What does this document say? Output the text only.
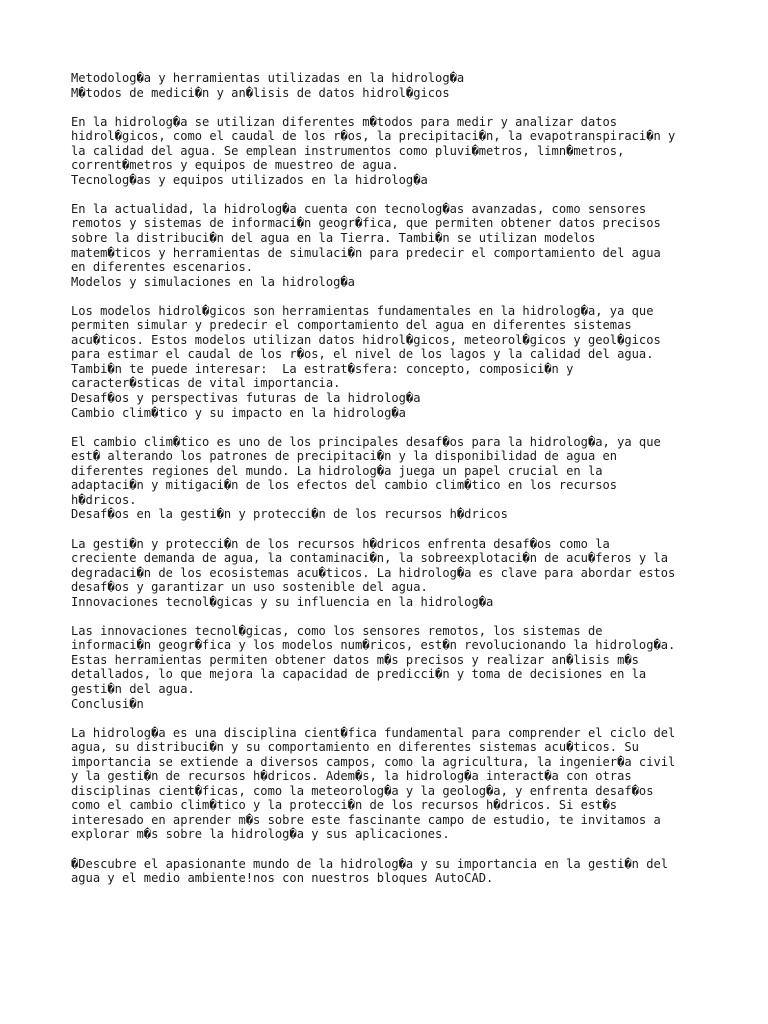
Metodolog�a y herramientas utilizadas en la hidrolog�a
M�todos de medici�n y an�lisis de datos hidrol�gicos
En la hidrolog�a se utilizan diferentes m�todos para medir y analizar datos
hidrol�gicos, como el caudal de los r�os, la precipitaci�n, la evapotranspiraci�n y
la calidad del agua. Se emplean instrumentos como pluvi�metros, limn�metros,
corrent�metros y equipos de muestreo de agua.
Tecnolog�as y equipos utilizados en la hidrolog�a
En la actualidad, la hidrolog�a cuenta con tecnolog�as avanzadas, como sensores
remotos y sistemas de informaci�n geogr�fica, que permiten obtener datos precisos
sobre la distribuci�n del agua en la Tierra. Tambi�n se utilizan modelos
matem�ticos y herramientas de simulaci�n para predecir el comportamiento del agua
en diferentes escenarios.
Modelos y simulaciones en la hidrolog�a
Los modelos hidrol�gicos son herramientas fundamentales en la hidrolog�a, ya que
permiten simular y predecir el comportamiento del agua en diferentes sistemas
acu�ticos. Estos modelos utilizan datos hidrol�gicos, meteorol�gicos y geol�gicos
para estimar el caudal de los r�os, el nivel de los lagos y la calidad del agua.
Tambi�n te puede interesar:  La estrat�sfera: concepto, composici�n y
caracter�sticas de vital importancia.
Desaf�os y perspectivas futuras de la hidrolog�a
Cambio clim�tico y su impacto en la hidrolog�a
El cambio clim�tico es uno de los principales desaf�os para la hidrolog�a, ya que
est� alterando los patrones de precipitaci�n y la disponibilidad de agua en
diferentes regiones del mundo. La hidrolog�a juega un papel crucial en la
adaptaci�n y mitigaci�n de los efectos del cambio clim�tico en los recursos
h�dricos.
Desaf�os en la gesti�n y protecci�n de los recursos h�dricos
La gesti�n y protecci�n de los recursos h�dricos enfrenta desaf�os como la
creciente demanda de agua, la contaminaci�n, la sobreexplotaci�n de acu�feros y la
degradaci�n de los ecosistemas acu�ticos. La hidrolog�a es clave para abordar estos
desaf�os y garantizar un uso sostenible del agua.
Innovaciones tecnol�gicas y su influencia en la hidrolog�a
Las innovaciones tecnol�gicas, como los sensores remotos, los sistemas de
informaci�n geogr�fica y los modelos num�ricos, est�n revolucionando la hidrolog�a.
Estas herramientas permiten obtener datos m�s precisos y realizar an�lisis m�s
detallados, lo que mejora la capacidad de predicci�n y toma de decisiones en la
gesti�n del agua.
Conclusi�n
La hidrolog�a es una disciplina cient�fica fundamental para comprender el ciclo del
agua, su distribuci�n y su comportamiento en diferentes sistemas acu�ticos. Su
importancia se extiende a diversos campos, como la agricultura, la ingenier�a civil
y la gesti�n de recursos h�dricos. Adem�s, la hidrolog�a interact�a con otras
disciplinas cient�ficas, como la meteorolog�a y la geolog�a, y enfrenta desaf�os
como el cambio clim�tico y la protecci�n de los recursos h�dricos. Si est�s
interesado en aprender m�s sobre este fascinante campo de estudio, te invitamos a
explorar m�s sobre la hidrolog�a y sus aplicaciones.
�Descubre el apasionante mundo de la hidrolog�a y su importancia en la gesti�n del
agua y el medio ambiente!nos con nuestros bloques AutoCAD.
